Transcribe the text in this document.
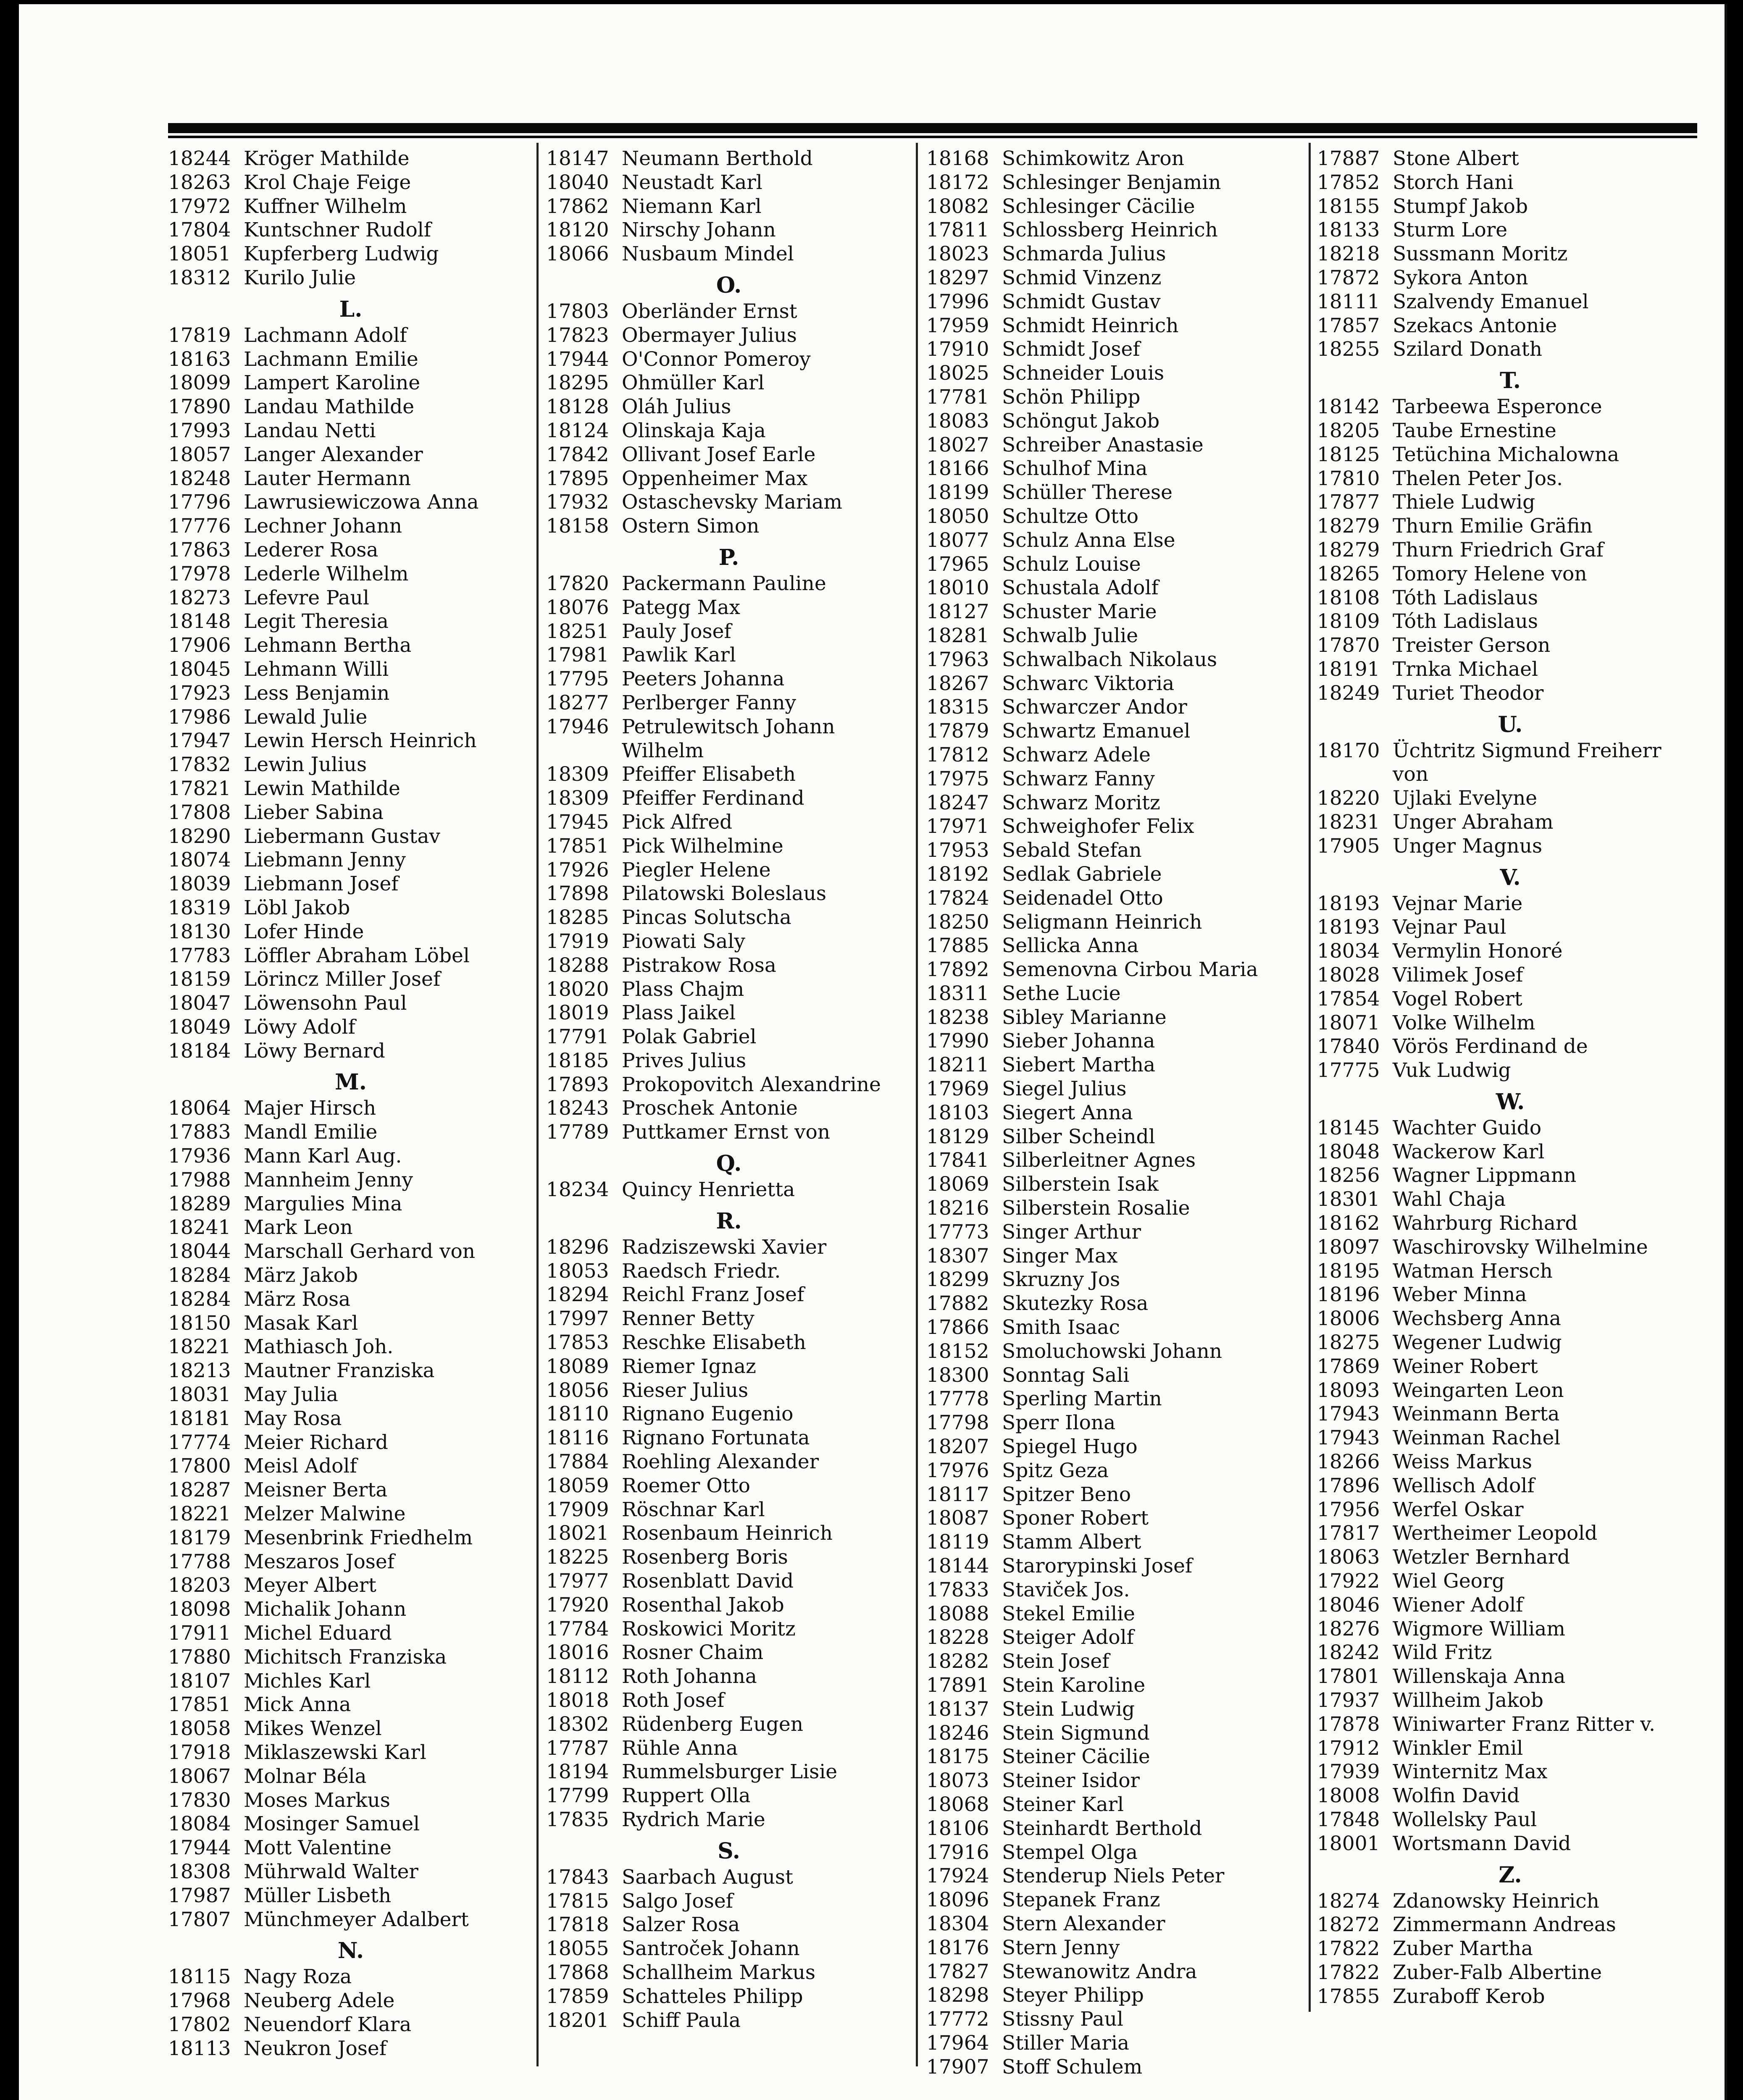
18244 Kröger Mathilde
18263 Krol Chaje Feige
17972 Kuffner Wilhelm
17804 Kuntschner Rudolf
18051 Kupferberg Ludwig
18312 Kurilo Julie
L.
17819 Lachmann Adolf
18163 Lachmann Emilie
18099 Lampert Karoline
17890 Landau Mathilde
17993 Landau Netti
18057 Langer Alexander
18248 Lauter Hermann
17796 Lawrusiewiczowa Anna
17776 Lechner Johann
17863 Lederer Rosa
17978 Lederle Wilhelm
18273 Lefevre Paul
18148 Legit Theresia
17906 Lehmann Bertha
18045 Lehmann Willi
17923 Less Benjamin
17986 Lewald Julie
17947 Lewin Hersch Heinrich
17832 Lewin Julius
17821 Lewin Mathilde
17808 Lieber Sabina
18290 Liebermann Gustav
18074 Liebmann Jenny
18039 Liebmann Josef
18319 Löbl Jakob
18130 Lofer Hinde
17783 Löffler Abraham Löbel
18159 Lörincz Miller Josef
18047 Löwensohn Paul
18049 Löwy Adolf
18184 Löwy Bernard
M.
18064 Majer Hirsch
17883 Mandl Emilie
17936 Mann Karl Aug.
17988 Mannheim Jenny
18289 Margulies Mina
18241 Mark Leon
18044 Marschall Gerhard von
18284 März Jakob
18284 März Rosa
18150 Masak Karl
18221 Mathiasch Joh.
18213 Mautner Franziska
18031 May Julia
18181 May Rosa
17774 Meier Richard
17800 Meisl Adolf
18287 Meisner Berta
18221 Melzer Malwine
18179 Mesenbrink Friedhelm
17788 Meszaros Josef
18203 Meyer Albert
18098 Michalik Johann
17911 Michel Eduard
17880 Michitsch Franziska
18107 Michles Karl
17851 Mick Anna
18058 Mikes Wenzel
17918 Miklaszewski Karl
18067 Molnar Béla
17830 Moses Markus
18084 Mosinger Samuel
17944 Mott Valentine
18308 Mührwald Walter
17987 Müller Lisbeth
17807 Münchmeyer Adalbert
N.
18115 Nagy Roza
17968 Neuberg Adele
17802 Neuendorf Klara
18113 Neukron Josef
18147 Neumann Berthold
18040 Neustadt Karl
17862 Niemann Karl
18120 Nirschy Johann
18066 Nusbaum Mindel
O.
17803 Oberländer Ernst
17823 Obermayer Julius
17944 O'Connor Pomeroy
18295 Ohmüller Karl
18128 Oláh Julius
18124 Olinskaja Kaja
17842 Ollivant Josef Earle
17895 Oppenheimer Max
17932 Ostaschevsky Mariam
18158 Ostern Simon
P.
17820 Packermann Pauline
18076 Pategg Max
18251 Pauly Josef
17981 Pawlik Karl
17795 Peeters Johanna
18277 Perlberger Fanny
17946 Petrulewitsch Johann
Wilhelm
18309 Pfeiffer Elisabeth
18309 Pfeiffer Ferdinand
17945 Pick Alfred
17851 Pick Wilhelmine
17926 Piegler Helene
17898 Pilatowski Boleslaus
18285 Pincas Solutscha
17919 Piowati Saly
18288 Pistrakow Rosa
18020 Plass Chajm
18019 Plass Jaikel
17791 Polak Gabriel
18185 Prives Julius
17893 Prokopovitch Alexandrine
18243 Proschek Antonie
17789 Puttkamer Ernst von
Q.
18234 Quincy Henrietta
R.
18296 Radziszewski Xavier
18053 Raedsch Friedr.
18294 Reichl Franz Josef
17997 Renner Betty
17853 Reschke Elisabeth
18089 Riemer Ignaz
18056 Rieser Julius
18110 Rignano Eugenio
18116 Rignano Fortunata
17884 Roehling Alexander
18059 Roemer Otto
17909 Röschnar Karl
18021 Rosenbaum Heinrich
18225 Rosenberg Boris
17977 Rosenblatt David
17920 Rosenthal Jakob
17784 Roskowici Moritz
18016 Rosner Chaim
18112 Roth Johanna
18018 Roth Josef
18302 Rüdenberg Eugen
17787 Rühle Anna
18194 Rummelsburger Lisie
17799 Ruppert Olla
17835 Rydrich Marie
S.
17843 Saarbach August
17815 Salgo Josef
17818 Salzer Rosa
18055 Santroček Johann
17868 Schallheim Markus
17859 Schatteles Philipp
18201 Schiff Paula
18168 Schimkowitz Aron
18172 Schlesinger Benjamin
18082 Schlesinger Cäcilie
17811 Schlossberg Heinrich
18023 Schmarda Julius
18297 Schmid Vinzenz
17996 Schmidt Gustav
17959 Schmidt Heinrich
17910 Schmidt Josef
18025 Schneider Louis
17781 Schön Philipp
18083 Schöngut Jakob
18027 Schreiber Anastasie
18166 Schulhof Mina
18199 Schüller Therese
18050 Schultze Otto
18077 Schulz Anna Else
17965 Schulz Louise
18010 Schustala Adolf
18127 Schuster Marie
18281 Schwalb Julie
17963 Schwalbach Nikolaus
18267 Schwarc Viktoria
18315 Schwarczer Andor
17879 Schwartz Emanuel
17812 Schwarz Adele
17975 Schwarz Fanny
18247 Schwarz Moritz
17971 Schweighofer Felix
17953 Sebald Stefan
18192 Sedlak Gabriele
17824 Seidenadel Otto
18250 Seligmann Heinrich
17885 Sellicka Anna
17892 Semenovna Cirbou Maria
18311 Sethe Lucie
18238 Sibley Marianne
17990 Sieber Johanna
18211 Siebert Martha
17969 Siegel Julius
18103 Siegert Anna
18129 Silber Scheindl
17841 Silberleitner Agnes
18069 Silberstein Isak
18216 Silberstein Rosalie
17773 Singer Arthur
18307 Singer Max
18299 Skruzny Jos
17882 Skutezky Rosa
17866 Smith Isaac
18152 Smoluchowski Johann
18300 Sonntag Sali
17778 Sperling Martin
17798 Sperr Ilona
18207 Spiegel Hugo
17976 Spitz Geza
18117 Spitzer Beno
18087 Sponer Robert
18119 Stamm Albert
18144 Starorypinski Josef
17833 Staviček Jos.
18088 Stekel Emilie
18228 Steiger Adolf
18282 Stein Josef
17891 Stein Karoline
18137 Stein Ludwig
18246 Stein Sigmund
18175 Steiner Cäcilie
18073 Steiner Isidor
18068 Steiner Karl
18106 Steinhardt Berthold
17916 Stempel Olga
17924 Stenderup Niels Peter
18096 Stepanek Franz
18304 Stern Alexander
18176 Stern Jenny
17827 Stewanowitz Andra
18298 Steyer Philipp
17772 Stissny Paul
17964 Stiller Maria
17907 Stoff Schulem
17887 Stone Albert
17852 Storch Hani
18155 Stumpf Jakob
18133 Sturm Lore
18218 Sussmann Moritz
17872 Sykora Anton
18111 Szalvendy Emanuel
17857 Szekacs Antonie
18255 Szilard Donath
T.
18142 Tarbeewa Esperonce
18205 Taube Ernestine
18125 Tetüchina Michalowna
17810 Thelen Peter Jos.
17877 Thiele Ludwig
18279 Thurn Emilie Gräfin
18279 Thurn Friedrich Graf
18265 Tomory Helene von
18108 Tóth Ladislaus
18109 Tóth Ladislaus
17870 Treister Gerson
18191 Trnka Michael
18249 Turiet Theodor
U.
18170 Üchtritz Sigmund Freiherr
von
18220 Ujlaki Evelyne
18231 Unger Abraham
17905 Unger Magnus
V.
18193 Vejnar Marie
18193 Vejnar Paul
18034 Vermylin Honoré
18028 Vilimek Josef
17854 Vogel Robert
18071 Volke Wilhelm
17840 Vörös Ferdinand de
17775 Vuk Ludwig
W.
18145 Wachter Guido
18048 Wackerow Karl
18256 Wagner Lippmann
18301 Wahl Chaja
18162 Wahrburg Richard
18097 Waschirovsky Wilhelmine
18195 Watman Hersch
18196 Weber Minna
18006 Wechsberg Anna
18275 Wegener Ludwig
17869 Weiner Robert
18093 Weingarten Leon
17943 Weinmann Berta
17943 Weinman Rachel
18266 Weiss Markus
17896 Wellisch Adolf
17956 Werfel Oskar
17817 Wertheimer Leopold
18063 Wetzler Bernhard
17922 Wiel Georg
18046 Wiener Adolf
18276 Wigmore William
18242 Wild Fritz
17801 Willenskaja Anna
17937 Willheim Jakob
17878 Winiwarter Franz Ritter v.
17912 Winkler Emil
17939 Winternitz Max
18008 Wolfin David
17848 Wollelsky Paul
18001 Wortsmann David
Z.
18274 Zdanowsky Heinrich
18272 Zimmermann Andreas
17822 Zuber Martha
17822 Zuber-Falb Albertine
17855 Zuraboff Kerob
